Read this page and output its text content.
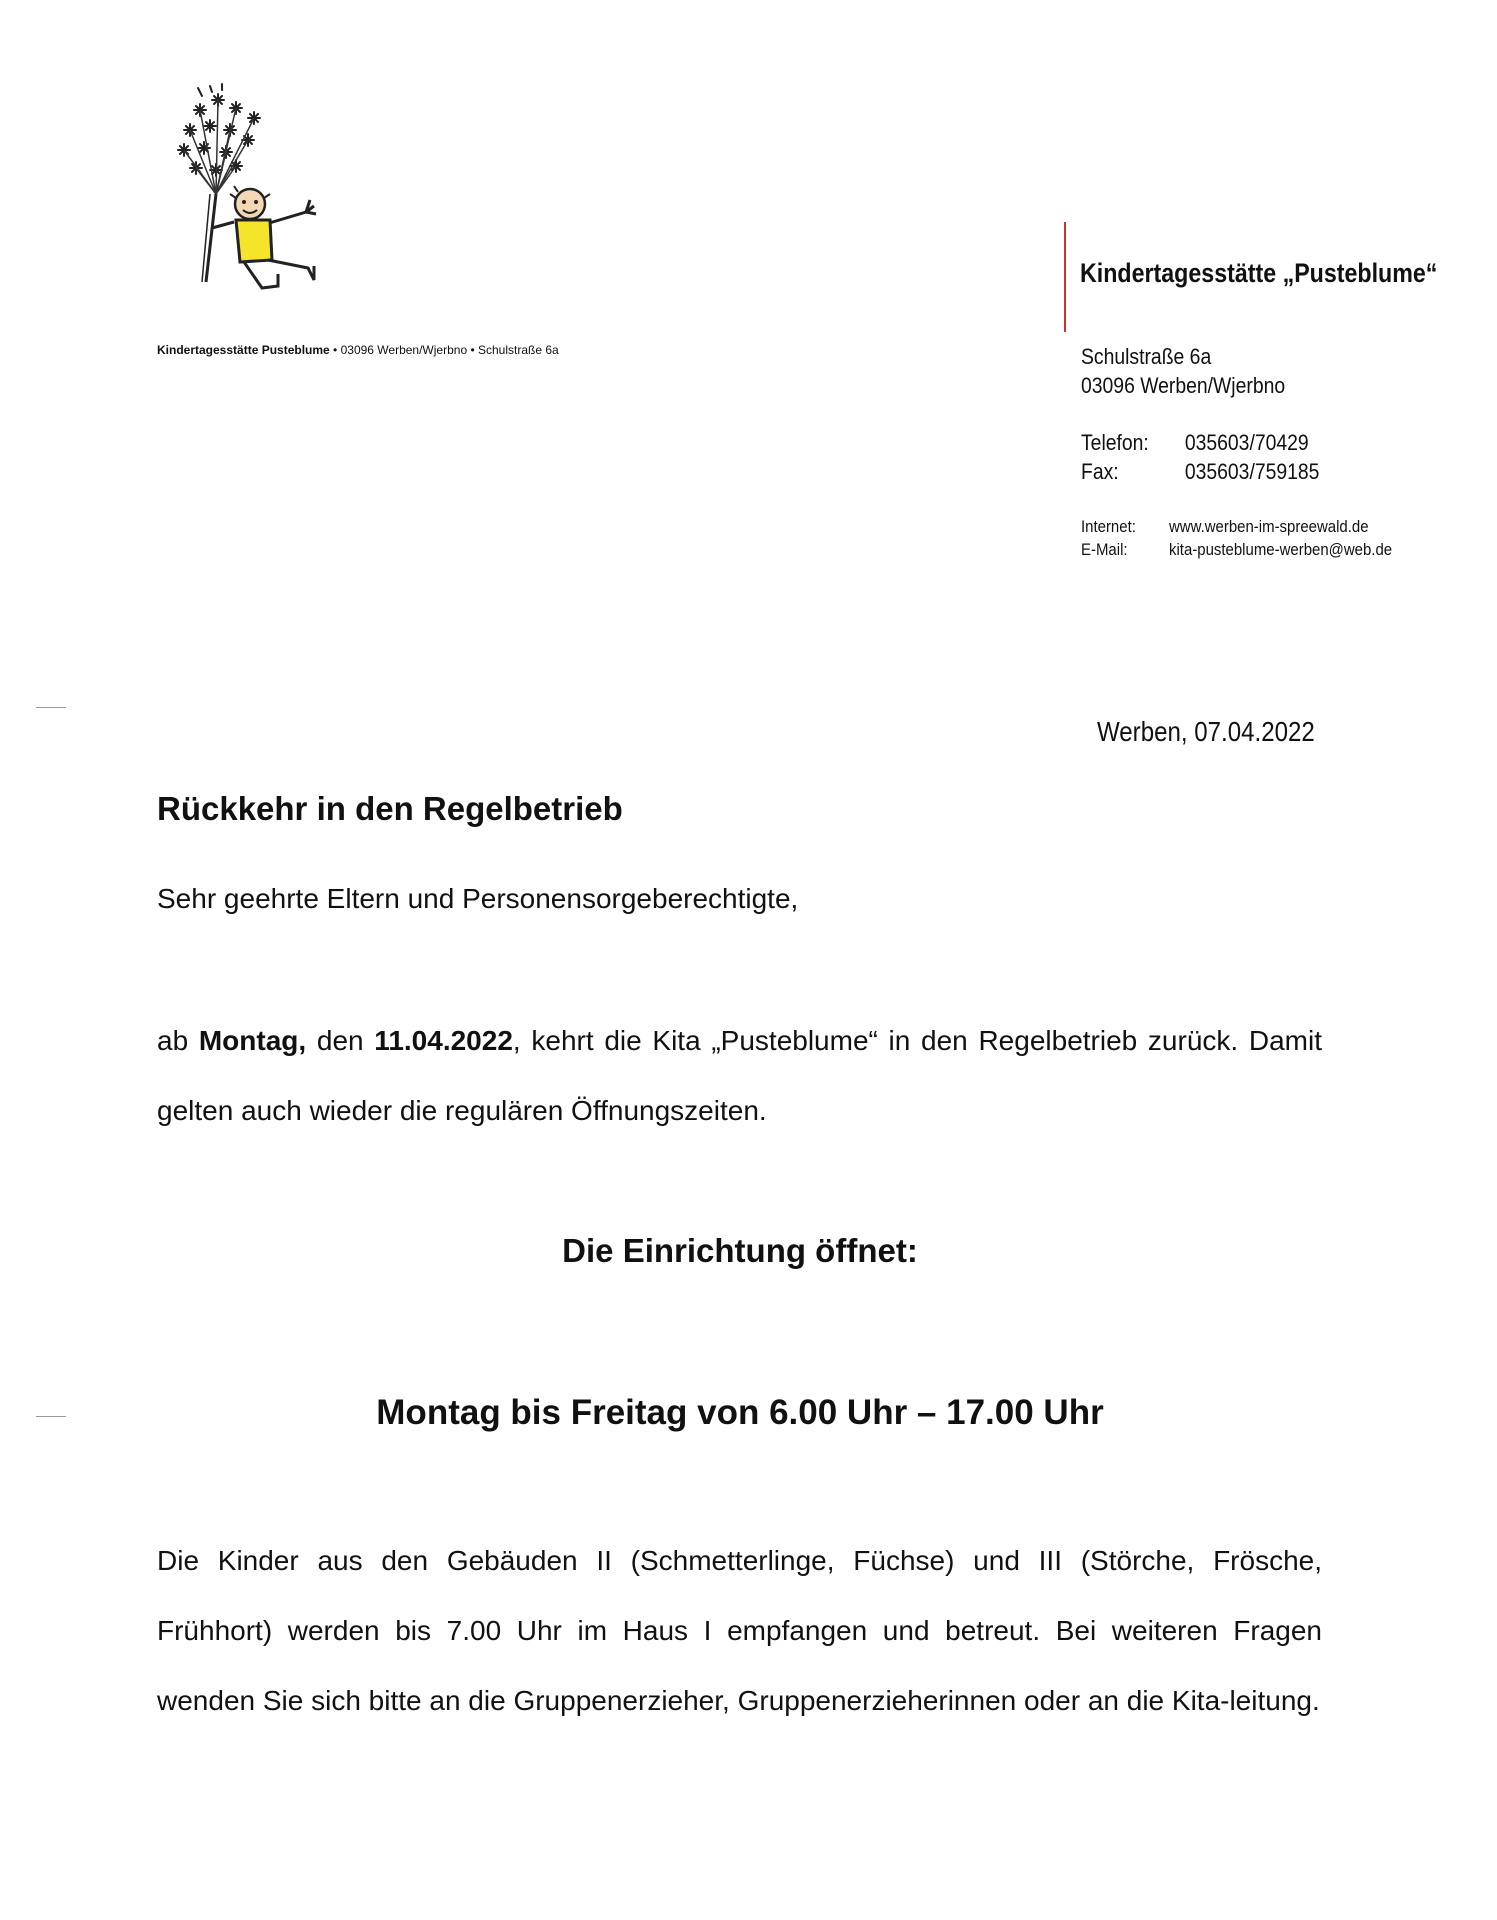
Kindertagesstätte Pusteblume • 03096 Werben/Wjerbno • Schulstraße 6a
Kindertagesstätte „Pusteblume“
Schulstraße 6a
03096 Werben/Wjerbno
Telefon: 035603/70429
Fax:	035603/759185
Internet: www.werben-im-spreewald.de
E-Mail: kita-pusteblume-werben@web.de
Werben, 07.04.2022
Rückkehr in den Regelbetrieb
Sehr geehrte Eltern und Personensorgeberechtigte,
ab Montag, den 11.04.2022, kehrt die Kita „Pusteblume“ in den Regelbetrieb zurück. Damit gelten auch wieder die regulären Öffnungszeiten.
Die Einrichtung öffnet:
Montag bis Freitag von 6.00 Uhr – 17.00 Uhr
Die Kinder aus den Gebäuden II (Schmetterlinge, Füchse) und III (Störche, Frösche, Frühhort) werden bis 7.00 Uhr im Haus I empfangen und betreut. Bei weiteren Fragen wenden Sie sich bitte an die Gruppenerzieher, Gruppenerzieherinnen oder an die Kita-leitung.
